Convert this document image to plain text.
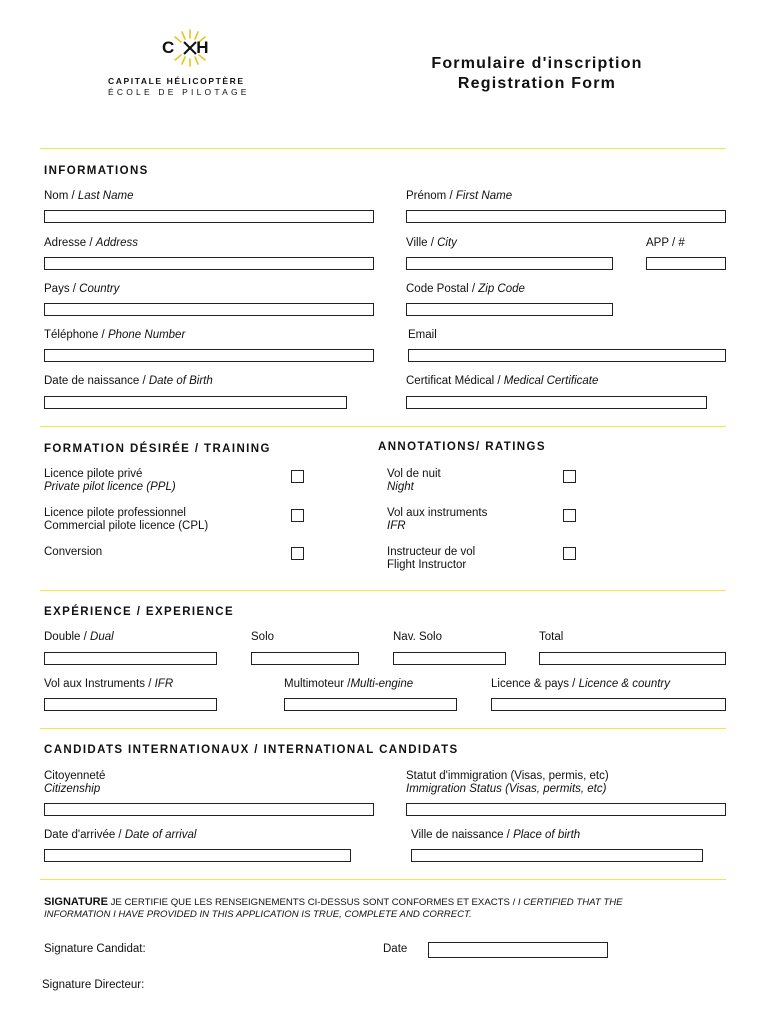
CH
CAPITALE HÉLICOPTÈRE
ÉCOLE DE PILOTAGE
Formulaire d'inscription
Registration Form
INFORMATIONS
Nom / Last Name	Prénom / First Name
Adresse / Address	Ville / City	APP / #
Pays / Country	Code Postal / Zip Code
Téléphone / Phone Number	Email
Date de naissance / Date of Birth	Certificat Médical / Medical Certificate
FORMATION DÉSIRÉE / TRAINING	ANNOTATIONS/ RATINGS
Licence pilote privé
Private pilot licence (PPL)
Licence pilote professionnel
Commercial pilote licence (CPL)
Conversion
Vol de nuit
Night
Vol aux instruments
IFR
Instructeur de vol
Flight Instructor
EXPÉRIENCE / EXPERIENCE
Double / Dual	Solo	Nav. Solo	Total
Vol aux Instruments / IFR	Multimoteur /Multi-engine	Licence & pays / Licence & country
CANDIDATS INTERNATIONAUX / INTERNATIONAL CANDIDATS
Citoyenneté
Citizenship
Statut d'immigration (Visas, permis, etc)
Immigration Status (Visas, permits, etc)
Date d'arrivée / Date of arrival	Ville de naissance / Place of birth
SIGNATURE JE CERTIFIE QUE LES RENSEIGNEMENTS CI-DESSUS SONT CONFORMES ET EXACTS / I CERTIFIED THAT THE
INFORMATION I HAVE PROVIDED IN THIS APPLICATION IS TRUE, COMPLETE AND CORRECT.
Signature Candidat:	Date
Signature Directeur:
